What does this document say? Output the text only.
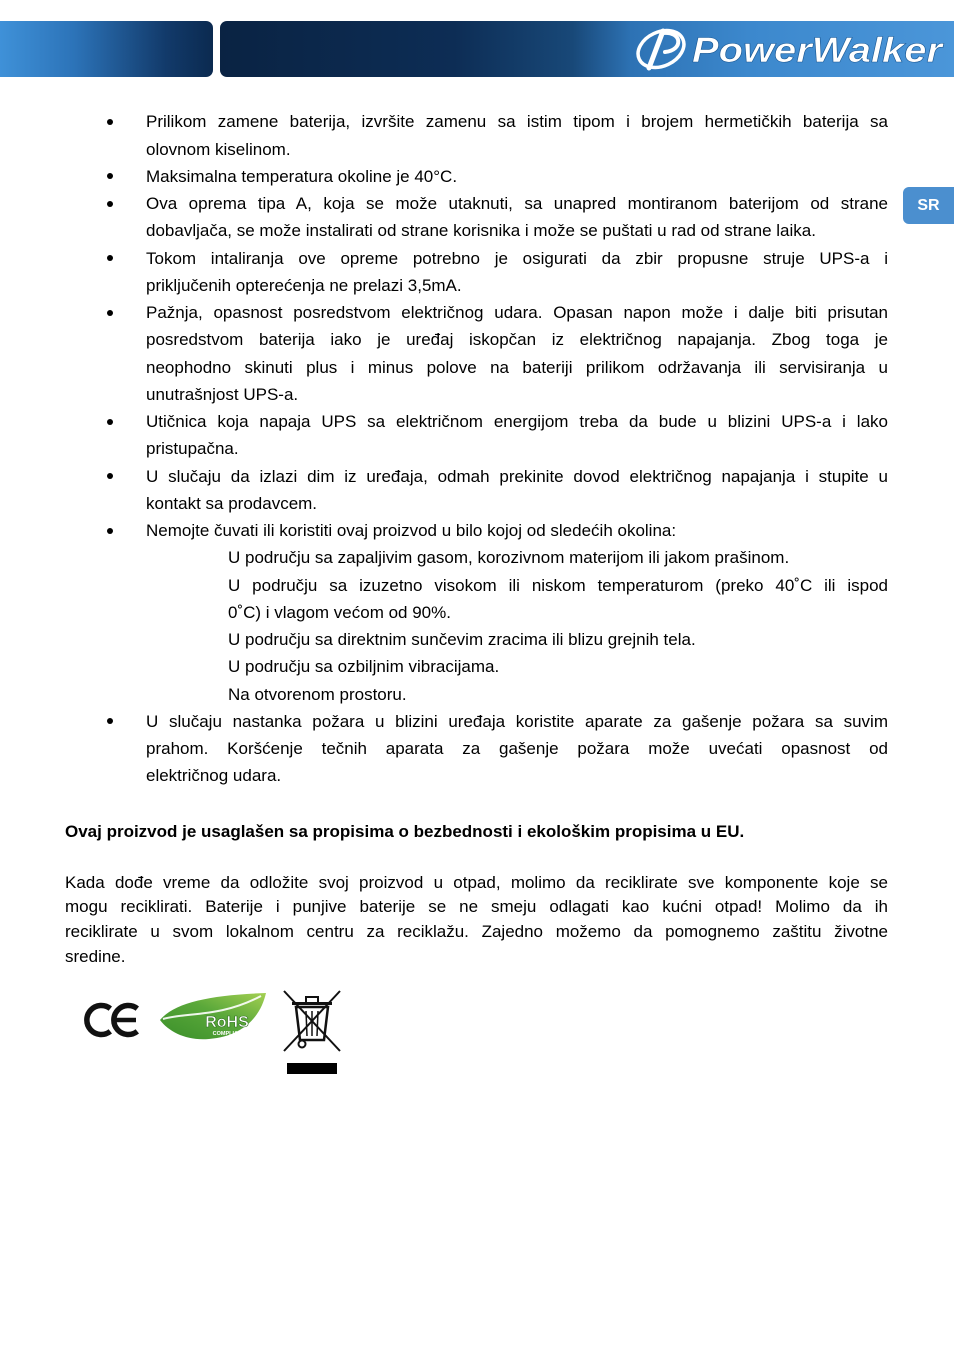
PowerWalker
SR
Prilikom zamene baterija, izvršite zamenu sa istim tipom i brojem hermetičkih baterija sa
olovnom kiselinom.
Maksimalna temperatura okoline je 40°C.
Ova oprema tipa A, koja se može utaknuti, sa unapred montiranom baterijom od strane
dobavljača, se može instalirati od strane korisnika i može se puštati u rad od strane laika.
Tokom intaliranja ove opreme potrebno je osigurati da zbir propusne struje UPS-a i
priključenih opterećenja ne prelazi 3,5mA.
Pažnja, opasnost posredstvom električnog udara. Opasan napon može i dalje biti prisutan
posredstvom baterija iako je uređaj iskopčan iz električnog napajanja. Zbog toga je
neophodno skinuti plus i minus polove na bateriji prilikom održavanja ili servisiranja u
unutrašnjost UPS-a.
Utičnica koja napaja UPS sa električnom energijom treba da bude u blizini UPS-a i lako
pristupačna.
U slučaju da izlazi dim iz uređaja, odmah prekinite dovod električnog napajanja i stupite u
kontakt sa prodavcem.
Nemojte čuvati ili koristiti ovaj proizvod u bilo kojoj od sledećih okolina:
U području sa zapaljivim gasom, korozivnom materijom ili jakom prašinom.
U području sa izuzetno visokom ili niskom temperaturom (preko 40˚C ili ispod
0˚C) i vlagom većom od 90%.
U području sa direktnim sunčevim zracima ili blizu grejnih tela.
U području sa ozbiljnim vibracijama.
Na otvorenom prostoru.
U slučaju nastanka požara u blizini uređaja koristite aparate za gašenje požara sa suvim
prahom. Koršćenje tečnih aparata za gašenje požara može uvećati opasnost od
električnog udara.
Ovaj proizvod je usaglašen sa propisima o bezbednosti i ekološkim propisima u EU.
Kada dođe vreme da odložite svoj proizvod u otpad, molimo da reciklirate sve komponente koje se
mogu reciklirati. Baterije i punjive baterije se ne smeju odlagati kao kućni otpad! Molimo da ih
reciklirate u svom lokalnom centru za reciklažu. Zajedno možemo da pomognemo zaštitu životne
sredine.
RoHS
COMPLIANT
